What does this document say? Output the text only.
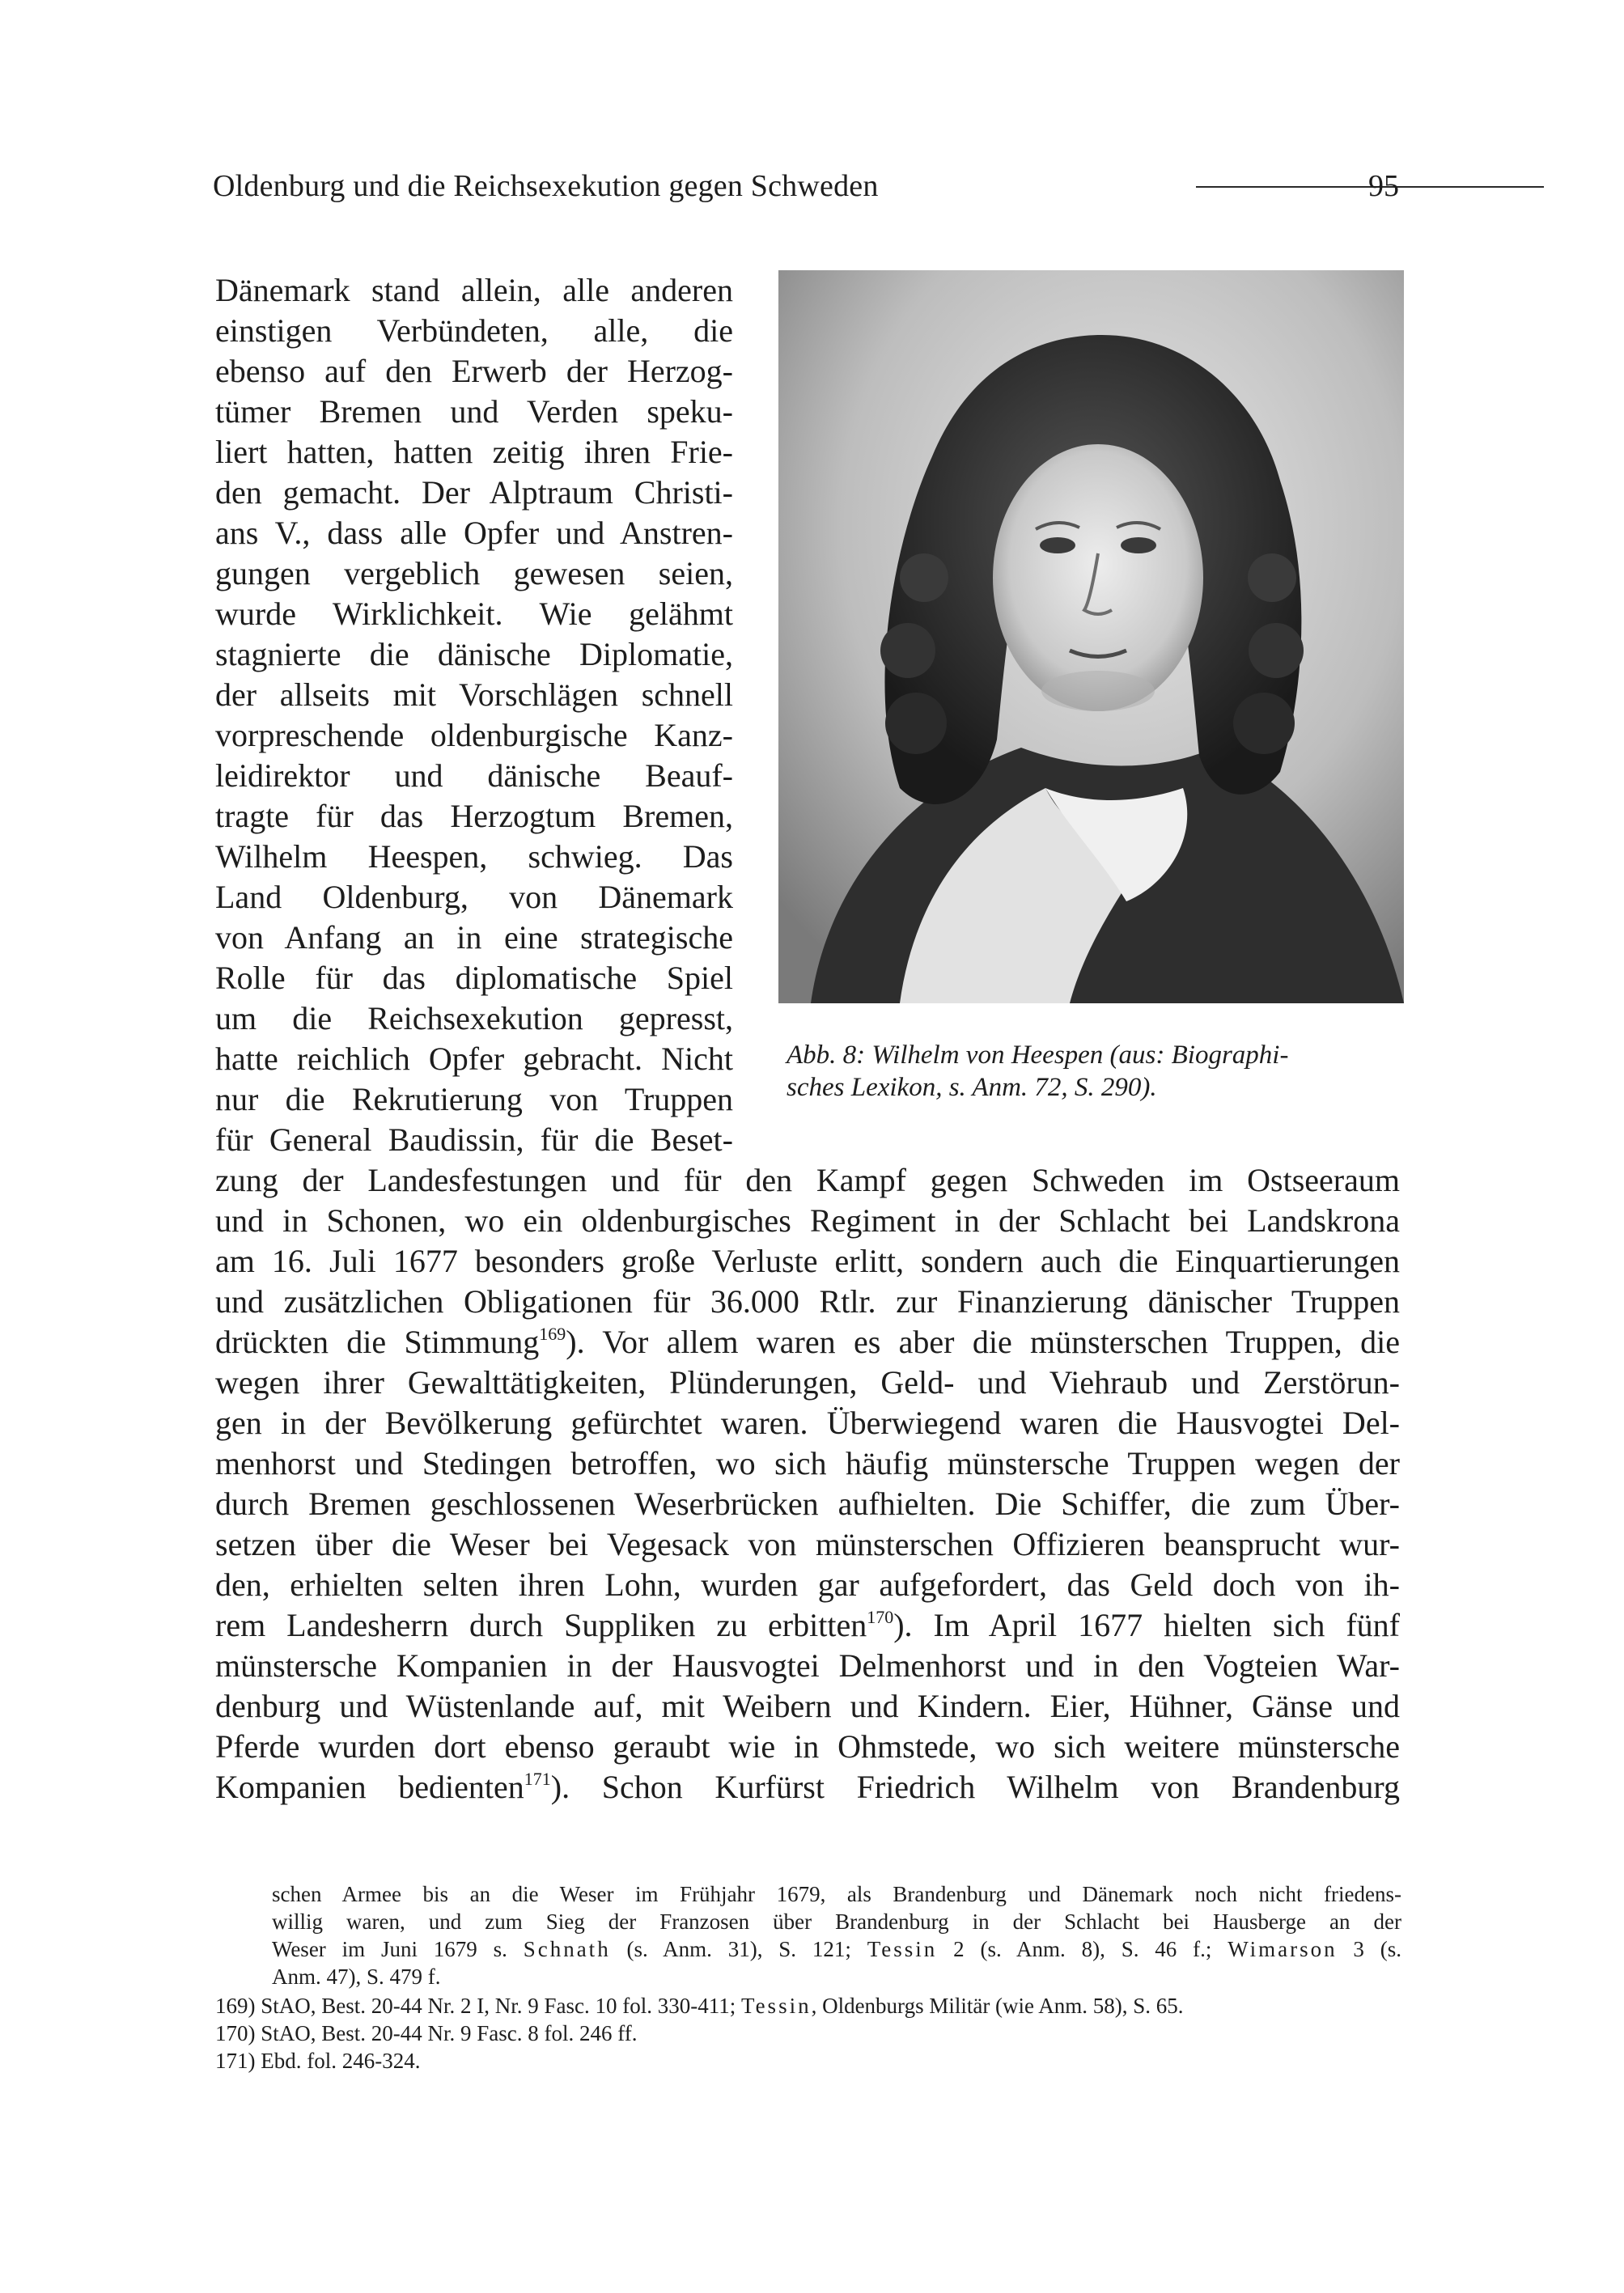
Oldenburg und die Reichsexekution gegen Schweden	95
Dänemark stand allein, alle anderen
einstigen Verbündeten, alle, die
ebenso auf den Erwerb der Herzog-
tümer Bremen und Verden speku-
liert hatten, hatten zeitig ihren Frie-
den gemacht. Der Alptraum Christi-
ans V., dass alle Opfer und Anstren-
gungen vergeblich gewesen seien,
wurde Wirklichkeit. Wie gelähmt
stagnierte die dänische Diplomatie,
der allseits mit Vorschlägen schnell
vorpreschende oldenburgische Kanz-
leidirektor und dänische Beauf-
tragte für das Herzogtum Bremen,
Wilhelm Heespen, schwieg. Das
Land Oldenburg, von Dänemark
von Anfang an in eine strategische
Rolle für das diplomatische Spiel
um die Reichsexekution gepresst,
hatte reichlich Opfer gebracht. Nicht
nur die Rekrutierung von Truppen
für General Baudissin, für die Beset-
Abb. 8: Wilhelm von Heespen (aus: Biographi-
sches Lexikon, s. Anm. 72, S. 290).
zung der Landesfestungen und für den Kampf gegen Schweden im Ostseeraum
und in Schonen, wo ein oldenburgisches Regiment in der Schlacht bei Landskrona
am 16. Juli 1677 besonders große Verluste erlitt, sondern auch die Einquartierungen
und zusätzlichen Obligationen für 36.000 Rtlr. zur Finanzierung dänischer Truppen
drückten die Stimmung$^{169}$). Vor allem waren es aber die münsterschen Truppen, die
wegen ihrer Gewalttätigkeiten, Plünderungen, Geld- und Viehraub und Zerstörun-
gen in der Bevölkerung gefürchtet waren. Überwiegend waren die Hausvogtei Del-
menhorst und Stedingen betroffen, wo sich häufig münstersche Truppen wegen der
durch Bremen geschlossenen Weserbrücken aufhielten. Die Schiffer, die zum Über-
setzen über die Weser bei Vegesack von münsterschen Offizieren beansprucht wur-
den, erhielten selten ihren Lohn, wurden gar aufgefordert, das Geld doch von ih-
rem Landesherrn durch Suppliken zu erbitten$^{170}$). Im April 1677 hielten sich fünf
münstersche Kompanien in der Hausvogtei Delmenhorst und in den Vogteien War-
denburg und Wüstenlande auf, mit Weibern und Kindern. Eier, Hühner, Gänse und
Pferde wurden dort ebenso geraubt wie in Ohmstede, wo sich weitere münstersche
Kompanien bedienten$^{171}$). Schon Kurfürst Friedrich Wilhelm von Brandenburg
schen Armee bis an die Weser im Frühjahr 1679, als Brandenburg und Dänemark noch nicht friedens-
willig waren, und zum Sieg der Franzosen über Brandenburg in der Schlacht bei Hausberge an der
Weser im Juni 1679 s. Schnath (s. Anm. 31), S. 121; Tessin 2 (s. Anm. 8), S. 46 f.; Wimarson 3 (s.
Anm. 47), S. 479 f.
169) StAO, Best. 20-44 Nr. 2 I, Nr. 9 Fasc. 10 fol. 330-411; Tessin, Oldenburgs Militär (wie Anm. 58), S. 65.
170) StAO, Best. 20-44 Nr. 9 Fasc. 8 fol. 246 ff.
171) Ebd. fol. 246-324.
